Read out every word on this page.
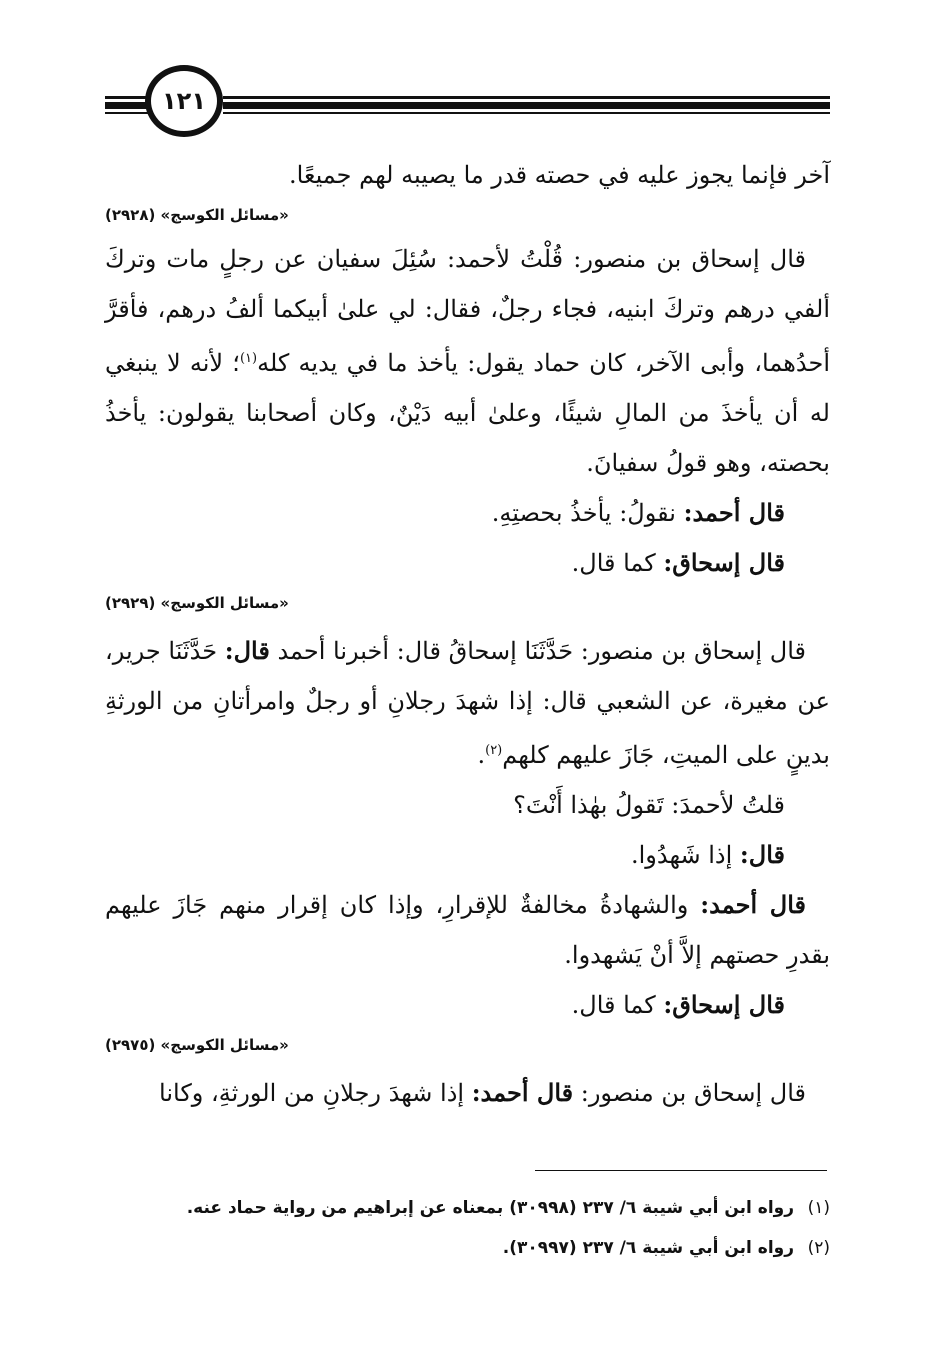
١٢١
آخر فإنما يجوز عليه في حصته قدر ما يصيبه لهم جميعًا.
«مسائل الكوسج» (٢٩٢٨)
قال إسحاق بن منصور: قُلْتُ لأحمد: سُئِلَ سفيان عن رجلٍ مات وتركَ ألفي درهم وتركَ ابنيه، فجاء رجلٌ، فقال: لي علىٰ أبيكما ألفُ درهم، فأقرَّ أحدُهما، وأبى الآخر، كان حماد يقول: يأخذ ما في يديه كله$^{(١)}$؛ لأنه لا ينبغي له أن يأخذَ من المالِ شيئًا، وعلىٰ أبيه دَيْنٌ، وكان أصحابنا يقولون: يأخذُ بحصته، وهو قولُ سفيانَ.
قال أحمد: نقولُ: يأخذُ بحصتِهِ.
قال إسحاق: كما قال.
«مسائل الكوسج» (٢٩٢٩)
قال إسحاق بن منصور: حَدَّثَنَا إسحاقُ قال: أخبرنا أحمد قال: حَدَّثَنَا جرير، عن مغيرة، عن الشعبي قال: إذا شهدَ رجلانِ أو رجلٌ وامرأتانِ من الورثةِ بدينٍ على الميتِ، جَازَ عليهم كلهم$^{(٢)}$.
قلتُ لأحمدَ: تَقولُ بهٰذا أَنْتَ؟
قال: إذا شَهدُوا.
قال أحمد: والشهادةُ مخالفةٌ للإقرارِ، وإذا كان إقرار منهم جَازَ عليهم بقدرِ حصتهم إلاَّ أنْ يَشهدوا.
قال إسحاق: كما قال.
«مسائل الكوسج» (٢٩٧٥)
قال إسحاق بن منصور: قال أحمد: إذا شهدَ رجلانِ من الورثةِ، وكانا
(١)رواه ابن أبي شيبة ٦/ ٢٣٧ (٣٠٩٩٨) بمعناه عن إبراهيم من رواية حماد عنه.
(٢)رواه ابن أبي شيبة ٦/ ٢٣٧ (٣٠٩٩٧).
